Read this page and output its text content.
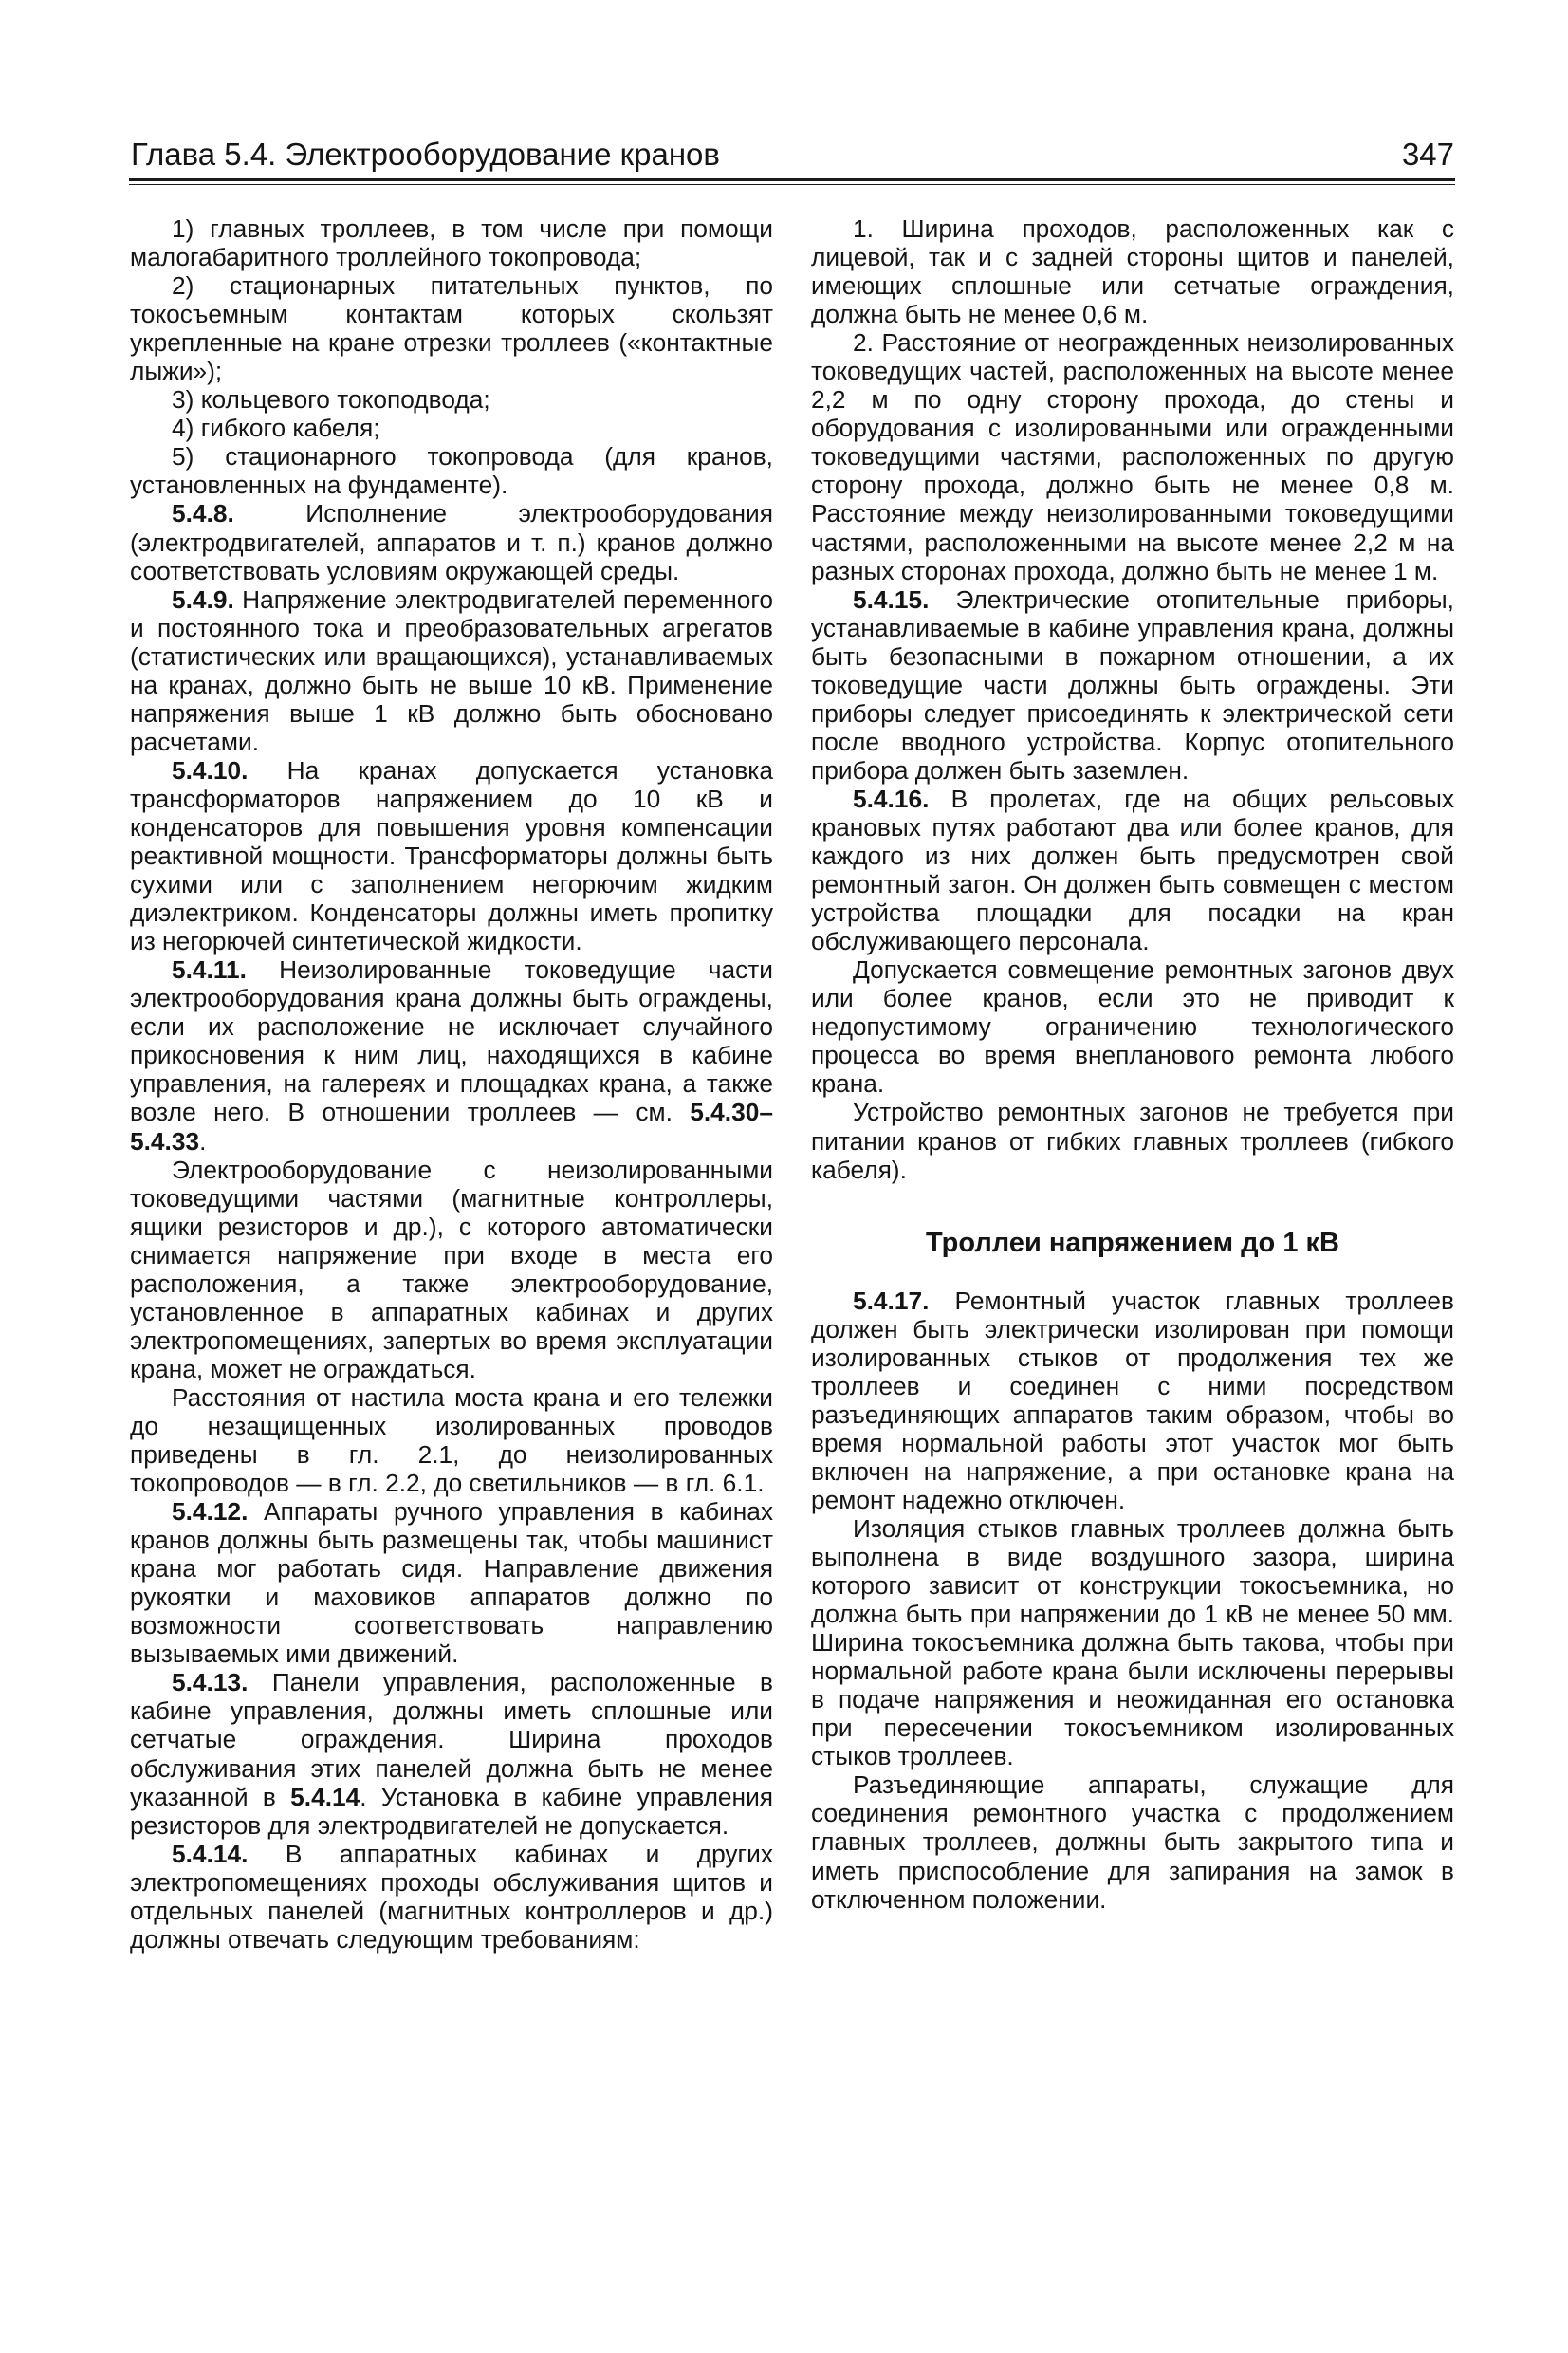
Глава 5.4. Электрооборудование кранов	347

1) главных троллеев, в том числе при помощи малогабаритного троллейного токопровода;

2) стационарных питательных пунктов, по токосъемным контактам которых скользят укрепленные на кране отрезки троллеев («контактные лыжи»);

3) кольцевого токоподвода;

4) гибкого кабеля;

5) стационарного токопровода (для кранов, установленных на фундаменте).

5.4.8. Исполнение электрооборудования (электродвигателей, аппаратов и т. п.) кранов должно соответствовать условиям окружающей среды.

5.4.9. Напряжение электродвигателей переменного и постоянного тока и преобразовательных агрегатов (статистических или вращающихся), устанавливаемых на кранах, должно быть не выше 10 кВ. Применение напряжения выше 1 кВ должно быть обосновано расчетами.

5.4.10. На кранах допускается установка трансформаторов напряжением до 10 кВ и конденсаторов для повышения уровня компенсации реактивной мощности. Трансформаторы должны быть сухими или с заполнением негорючим жидким диэлектриком. Конденсаторы должны иметь пропитку из негорючей синтетической жидкости.

5.4.11. Неизолированные токоведущие части электрооборудования крана должны быть ограждены, если их расположение не исключает случайного прикосновения к ним лиц, находящихся в кабине управления, на галереях и площадках крана, а также возле него. В отношении троллеев — см. 5.4.30–5.4.33.

Электрооборудование с неизолированными токоведущими частями (магнитные контроллеры, ящики резисторов и др.), с которого автоматически снимается напряжение при входе в места его расположения, а также электрооборудование, установленное в аппаратных кабинах и других электропомещениях, запертых во время эксплуатации крана, может не ограждаться.

Расстояния от настила моста крана и его тележки до незащищенных изолированных проводов приведены в гл. 2.1, до неизолированных токопроводов — в гл. 2.2, до светильников — в гл. 6.1.

5.4.12. Аппараты ручного управления в кабинах кранов должны быть размещены так, чтобы машинист крана мог работать сидя. Направление движения рукоятки и маховиков аппаратов должно по возможности соответствовать направлению вызываемых ими движений.

5.4.13. Панели управления, расположенные в кабине управления, должны иметь сплошные или сетчатые ограждения. Ширина проходов обслуживания этих панелей должна быть не менее указанной в 5.4.14. Установка в кабине управления резисторов для электродвигателей не допускается.

5.4.14. В аппаратных кабинах и других электропомещениях проходы обслуживания щитов и отдельных панелей (магнитных контроллеров и др.) должны отвечать следующим требованиям:

1. Ширина проходов, расположенных как с лицевой, так и с задней стороны щитов и панелей, имеющих сплошные или сетчатые ограждения, должна быть не менее 0,6 м.

2. Расстояние от неогражденных неизолированных токоведущих частей, расположенных на высоте менее 2,2 м по одну сторону прохода, до стены и оборудования с изолированными или огражденными токоведущими частями, расположенных по другую сторону прохода, должно быть не менее 0,8 м. Расстояние между неизолированными токоведущими частями, расположенными на высоте менее 2,2 м на разных сторонах прохода, должно быть не менее 1 м.

5.4.15. Электрические отопительные приборы, устанавливаемые в кабине управления крана, должны быть безопасными в пожарном отношении, а их токоведущие части должны быть ограждены. Эти приборы следует присоединять к электрической сети после вводного устройства. Корпус отопительного прибора должен быть заземлен.

5.4.16. В пролетах, где на общих рельсовых крановых путях работают два или более кранов, для каждого из них должен быть предусмотрен свой ремонтный загон. Он должен быть совмещен с местом устройства площадки для посадки на кран обслуживающего персонала.

Допускается совмещение ремонтных загонов двух или более кранов, если это не приводит к недопустимому ограничению технологического процесса во время внепланового ремонта любого крана.

Устройство ремонтных загонов не требуется при питании кранов от гибких главных троллеев (гибкого кабеля).

Троллеи напряжением до 1 кВ

5.4.17. Ремонтный участок главных троллеев должен быть электрически изолирован при помощи изолированных стыков от продолжения тех же троллеев и соединен с ними посредством разъединяющих аппаратов таким образом, чтобы во время нормальной работы этот участок мог быть включен на напряжение, а при остановке крана на ремонт надежно отключен.

Изоляция стыков главных троллеев должна быть выполнена в виде воздушного зазора, ширина которого зависит от конструкции токосъемника, но должна быть при напряжении до 1 кВ не менее 50 мм. Ширина токосъемника должна быть такова, чтобы при нормальной работе крана были исключены перерывы в подаче напряжения и неожиданная его остановка при пересечении токосъемником изолированных стыков троллеев.

Разъединяющие аппараты, служащие для соединения ремонтного участка с продолжением главных троллеев, должны быть закрытого типа и иметь приспособление для запирания на замок в отключенном положении.
